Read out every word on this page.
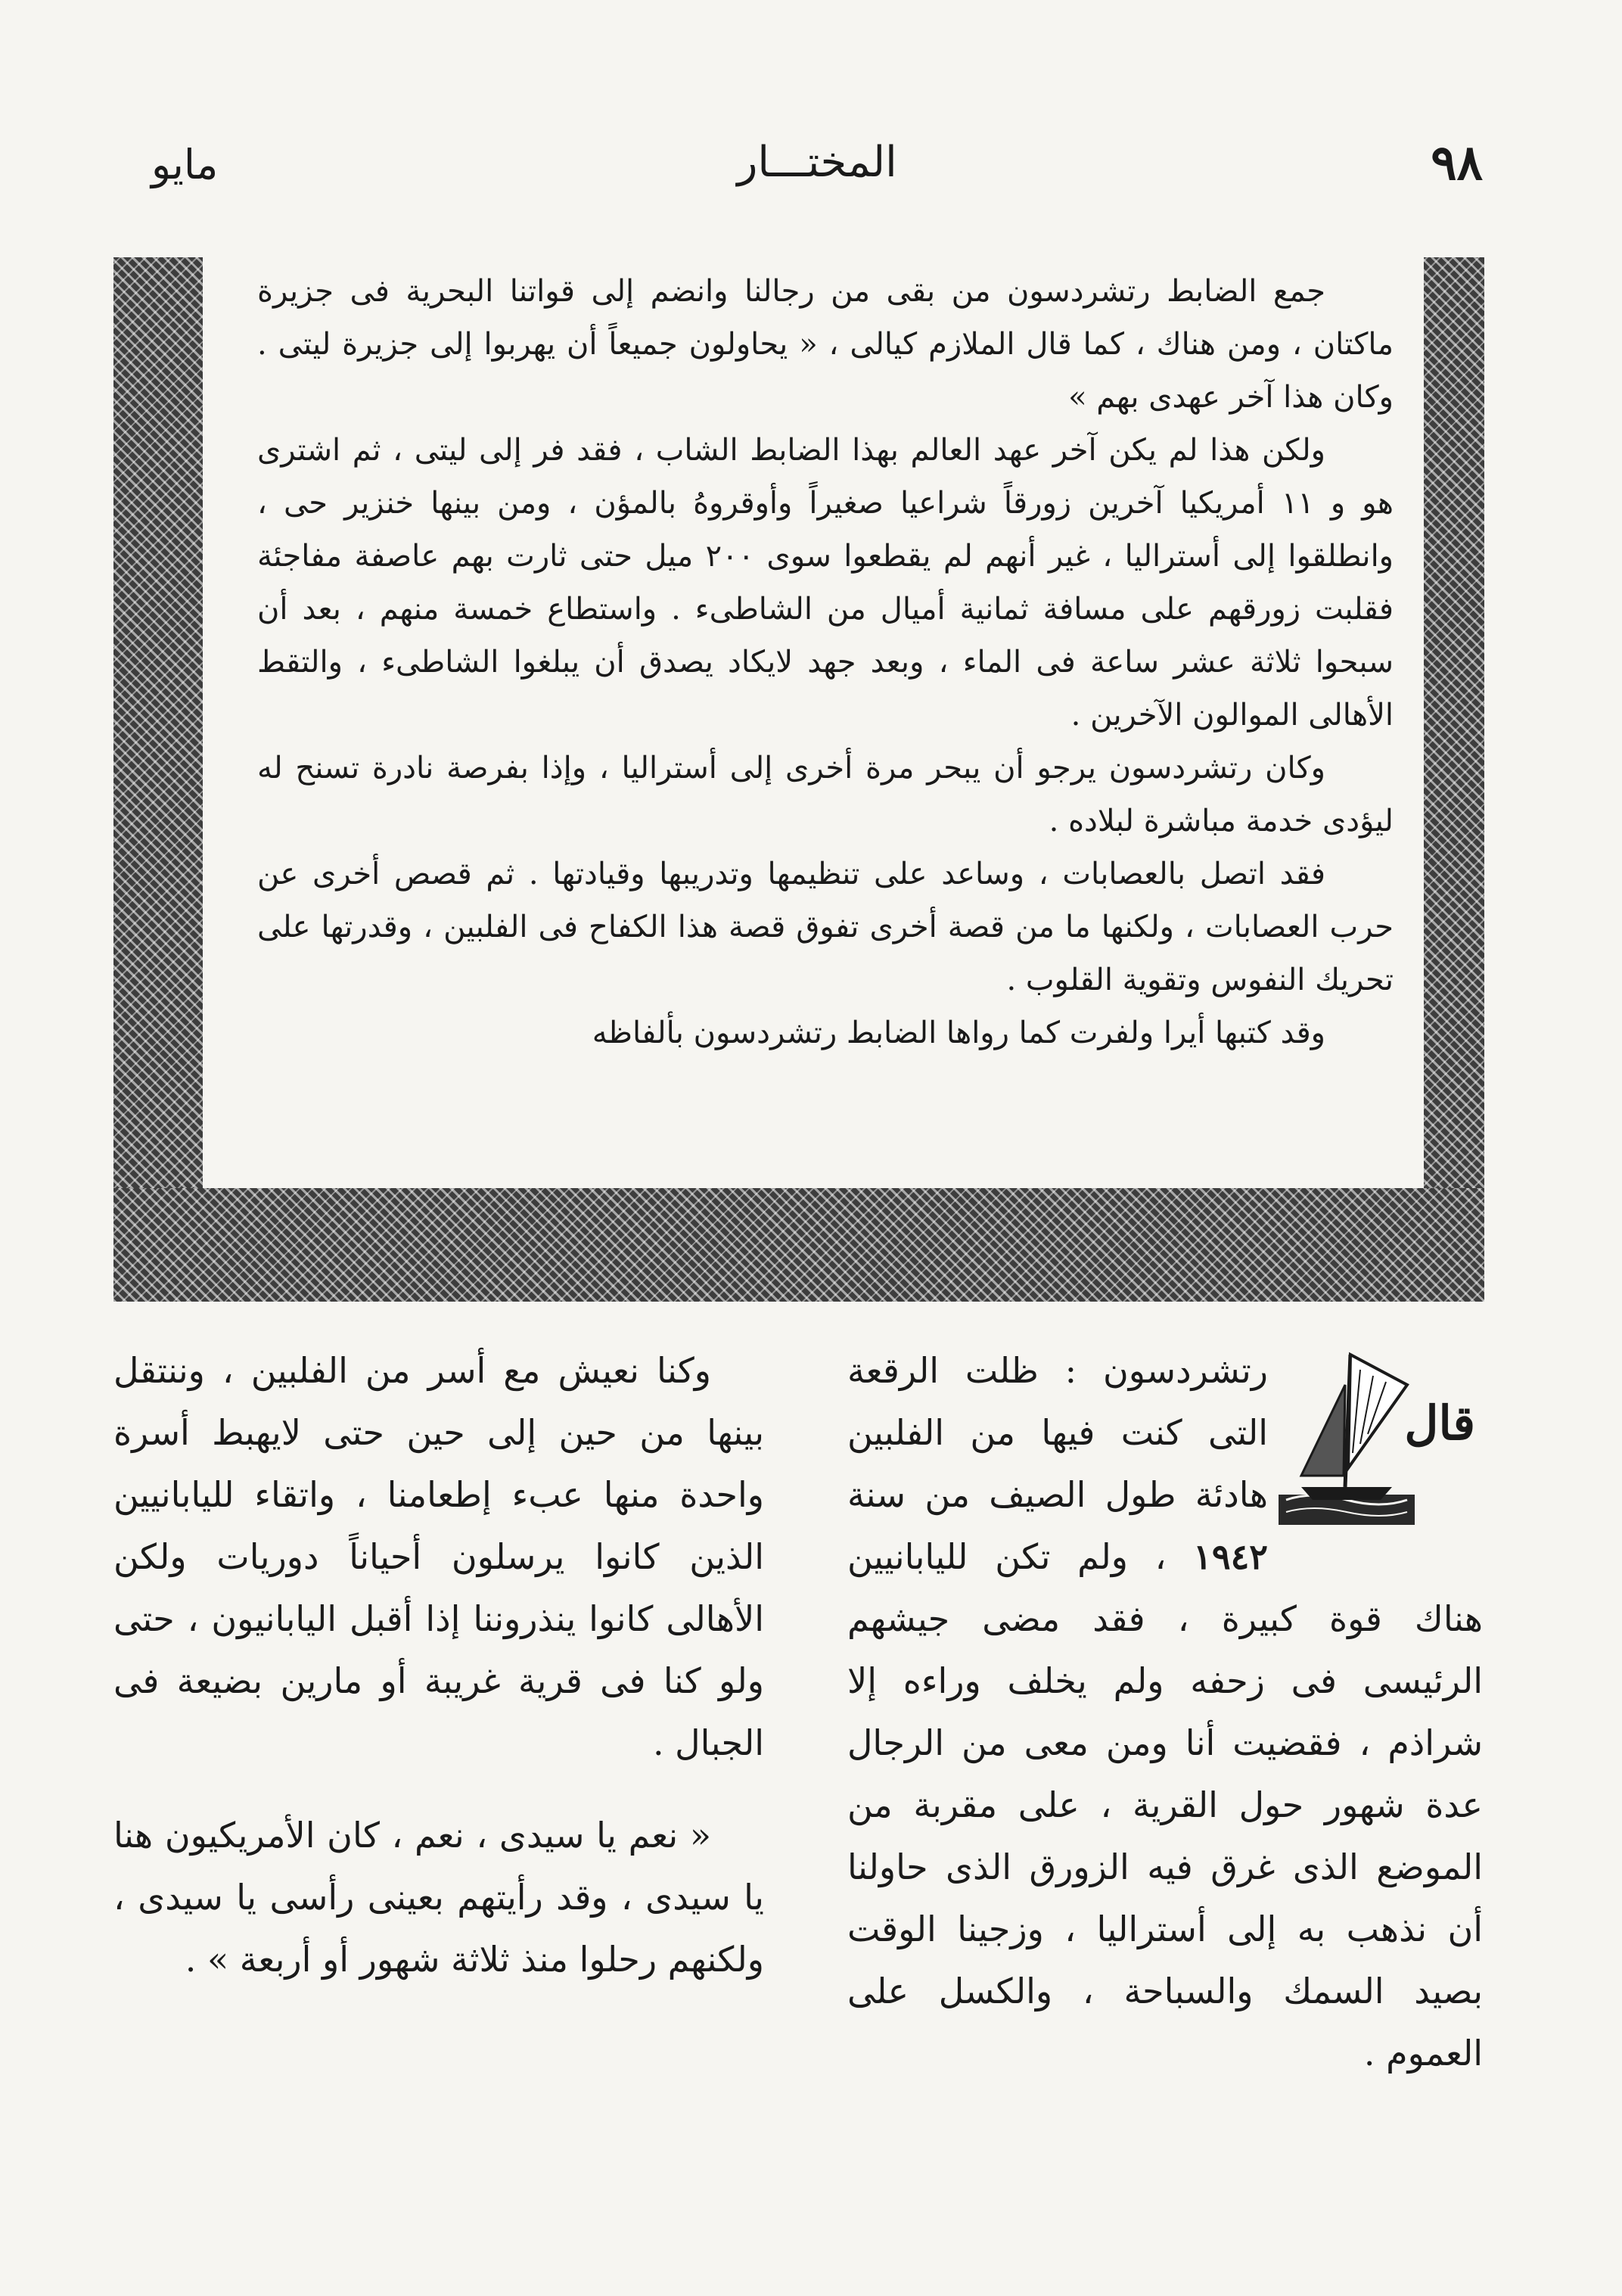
٩٨
المختـــار
مايو

جمع الضابط رتشردسون من بقى من رجالنا وانضم إلى قواتنا البحرية فى جزيرة ماكتان ، ومن هناك ، كما قال الملازم كيالى ، « يحاولون جميعاً أن يهربوا إلى جزيرة ليتى . وكان هذا آخر عهدى بهم »

ولكن هذا لم يكن آخر عهد العالم بهذا الضابط الشاب ، فقد فر إلى ليتى ، ثم اشترى هو و ١١ أمريكيا آخرين زورقاً شراعيا صغيراً وأوقروهُ بالمؤن ، ومن بينها خنزير حى ، وانطلقوا إلى أستراليا ، غير أنهم لم يقطعوا سوى ٢٠٠ ميل حتى ثارت بهم عاصفة مفاجئة فقلبت زورقهم على مسافة ثمانية أميال من الشاطىء . واستطاع خمسة منهم ، بعد أن سبحوا ثلاثة عشر ساعة فى الماء ، وبعد جهد لايكاد يصدق أن يبلغوا الشاطىء ، والتقط الأهالى الموالون الآخرين .

وكان رتشردسون يرجو أن يبحر مرة أخرى إلى أستراليا ، وإذا بفرصة نادرة تسنح له ليؤدى خدمة مباشرة لبلاده .

فقد اتصل بالعصابات ، وساعد على تنظيمها وتدريبها وقيادتها . ثم قصص أخرى عن حرب العصابات ، ولكنها ما من قصة أخرى تفوق قصة هذا الكفاح فى الفلبين ، وقدرتها على تحريك النفوس وتقوية القلوب .

وقد كتبها أيرا ولفرت كما رواها الضابط رتشردسون بألفاظه

قال

رتشردسون : ظلت الرقعة التى كنت فيها من الفلبين هادئة طول الصيف من سنة ١٩٤٢ ، ولم تكن لليابانيين هناك قوة كبيرة ، فقد مضى جيشهم الرئيسى فى زحفه ولم يخلف وراءه إلا شراذم ، فقضيت أنا ومن معى من الرجال عدة شهور حول القرية ، على مقربة من الموضع الذى غرق فيه الزورق الذى حاولنا أن نذهب به إلى أستراليا ، وزجينا الوقت بصيد السمك والسباحة ، والكسل على العموم .

وكنا نعيش مع أسر من الفلبين ، وننتقل بينها من حين إلى حين حتى لايهبط أسرة واحدة منها عبء إطعامنا ، واتقاء لليابانيين الذين كانوا يرسلون أحياناً دوريات ولكن الأهالى كانوا ينذروننا إذا أقبل اليابانيون ، حتى ولو كنا فى قرية غريبة أو مارين بضيعة فى الجبال .

« نعم يا سيدى ، نعم ، كان الأمريكيون هنا يا سيدى ، وقد رأيتهم بعينى رأسى يا سيدى ، ولكنهم رحلوا منذ ثلاثة شهور أو أربعة » .
